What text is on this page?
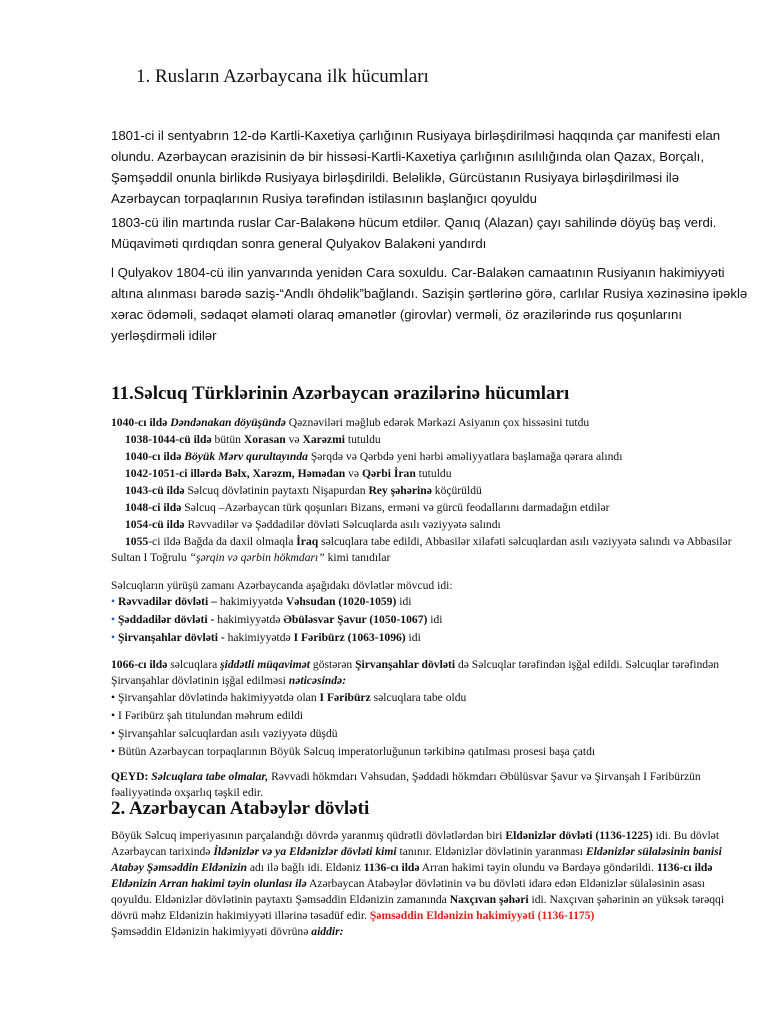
1. Rusların Azərbaycana ilk hücumları

1801-ci il sentyabrın 12-də Kartli-Kaxetiya çarlığının Rusiyaya birləşdirilməsi haqqında çar manifesti elan olundu. Azərbaycan ərazisinin də bir hissəsi-Kartli-Kaxetiya çarlığının asılılığında olan Qazax, Borçalı, Şəmşəddil onunla birlikdə Rusiyaya birləşdirildi. Beləliklə, Gürcüstanın Rusiyaya birləşdirilməsi ilə Azərbaycan torpaqlarının Rusiya tərəfindən istilasının başlanğıcı qoyuldu

1803-cü ilin martında ruslar Car-Balakənə hücum etdilər. Qanıq (Alazan) çayı sahilində döyüş baş verdi. Müqaviməti qırdıqdan sonra general Qulyakov Balakəni yandırdı

l Qulyakov 1804-cü ilin yanvarında yenidən Cara soxuldu. Car-Balakən camaatının Rusiyanın hakimiyyəti altına alınması barədə saziş-“Andlı öhdəlik”bağlandı. Sazişin şərtlərinə görə, carlılar Rusiya xəzinəsinə ipəklə xərac ödəməli, sədaqət əlaməti olaraq əmanətlər (girovlar) verməli, öz ərazilərində rus qoşunlarını yerləşdirməli idilər

11.Səlcuq Türklərinin Azərbaycan ərazilərinə hücumları

1040-cı ildə Dəndənakan döyüşündə Qəznəviləri məğlub edərək Mərkəzi Asiyanın çox hissəsini tutdu

1038-1044-cü ildə bütün Xorasan və Xarəzmi tutuldu

1040-cı ildə Böyük Mərv qurultayında Şərqdə və Qərbdə yeni hərbi əməliyyatlara başlamağa qərara alındı

1042-1051-ci illərdə Bəlx, Xarəzm, Həmədan və Qərbi İran tutuldu

1043-cü ildə Səlcuq dövlətinin paytaxtı Nişapurdan Rey şəhərinə köçürüldü

1048-ci ildə Səlcuq –Azərbaycan türk qoşunları Bizans, erməni və gürcü feodallarını darmadağın etdilər

1054-cü ildə Rəvvadilər və Şəddadilər dövləti Səlcuqlarda asılı vəziyyətə salındı

1055-ci ildə Bağda da daxil olmaqla İraq səlcuqlara tabe edildi, Abbasilər xilafəti səlcuqlardan asılı vəziyyətə salındı və Abbasilər Sultan I Toğrulu “şərqin və qərbin hökmdarı” kimi tanıdılar

Səlcuqların yürüşü zamanı Azərbaycanda aşağıdakı dövlətlər mövcud idi:

• Rəvvadilər dövləti – hakimiyyətdə Vəhsudan (1020-1059) idi

• Şəddadilər dövləti - hakimiyyətdə Əbüləsvar Şavur (1050-1067) idi

• Şirvanşahlar dövləti - hakimiyyətdə I Fəribürz (1063-1096) idi

1066-cı ildə səlcuqlara şiddətli müqavimət göstərən Şirvanşahlar dövləti də Səlcuqlar tərəfindən işğal edildi. Səlcuqlar tərəfindən Şirvanşahlar dövlətinin işğal edilməsi nəticəsində:

• Şirvanşahlar dövlətində hakimiyyətdə olan I Fəribürz səlcuqlara tabe oldu

• I Fəribürz şah titulundan məhrum edildi

• Şirvanşahlar səlcuqlardan asılı vəziyyətə düşdü

• Bütün Azərbaycan torpaqlarının Böyük Səlcuq imperatorluğunun tərkibinə qatılması prosesi başa çatdı

QEYD: Səlcuqlara tabe olmalar, Rəvvadi hökmdarı Vəhsudan, Şəddadi hökmdarı Əbülüsvar Şavur və Şirvanşah I Fəribürzün fəaliyyətində oxşarlıq təşkil edir.

2. Azərbaycan Atabəylər dövləti

Böyük Səlcuq imperiyasının parçalandığı dövrdə yaranmış qüdrətli dövlətlərdən biri Eldənizlər dövləti (1136-1225) idi. Bu dövlət Azərbaycan tarixində İldənizlər və ya Eldənizlər dövləti kimi tanınır. Eldənizlər dövlətinin yaranması Eldənizlər sülaləsinin banisi Atabəy Şəmsəddin Eldənizin adı ilə bağlı idi. Eldəniz 1136-cı ildə Arran hakimi təyin olundu və Bərdəyə göndərildi. 1136-cı ildə Eldənizin Arran hakimi təyin olunlası ilə Azərbaycan Atabəylər dövlətinin və bu dövləti idarə edən Eldənizlər sülaləsinin əsası qoyuldu. Eldənizlər dövlətinin paytaxtı Şəmsəddin Eldənizin zamanında Naxçıvan şəhəri idi. Naxçıvan şəhərinin ən yüksək tərəqqi dövrü məhz Eldənizin hakimiyyəti illərinə təsadüf edir. Şəmsəddin Eldənizin hakimiyyəti (1136-1175)
Şəmsəddin Eldənizin hakimiyyəti dövrünə aiddir:
